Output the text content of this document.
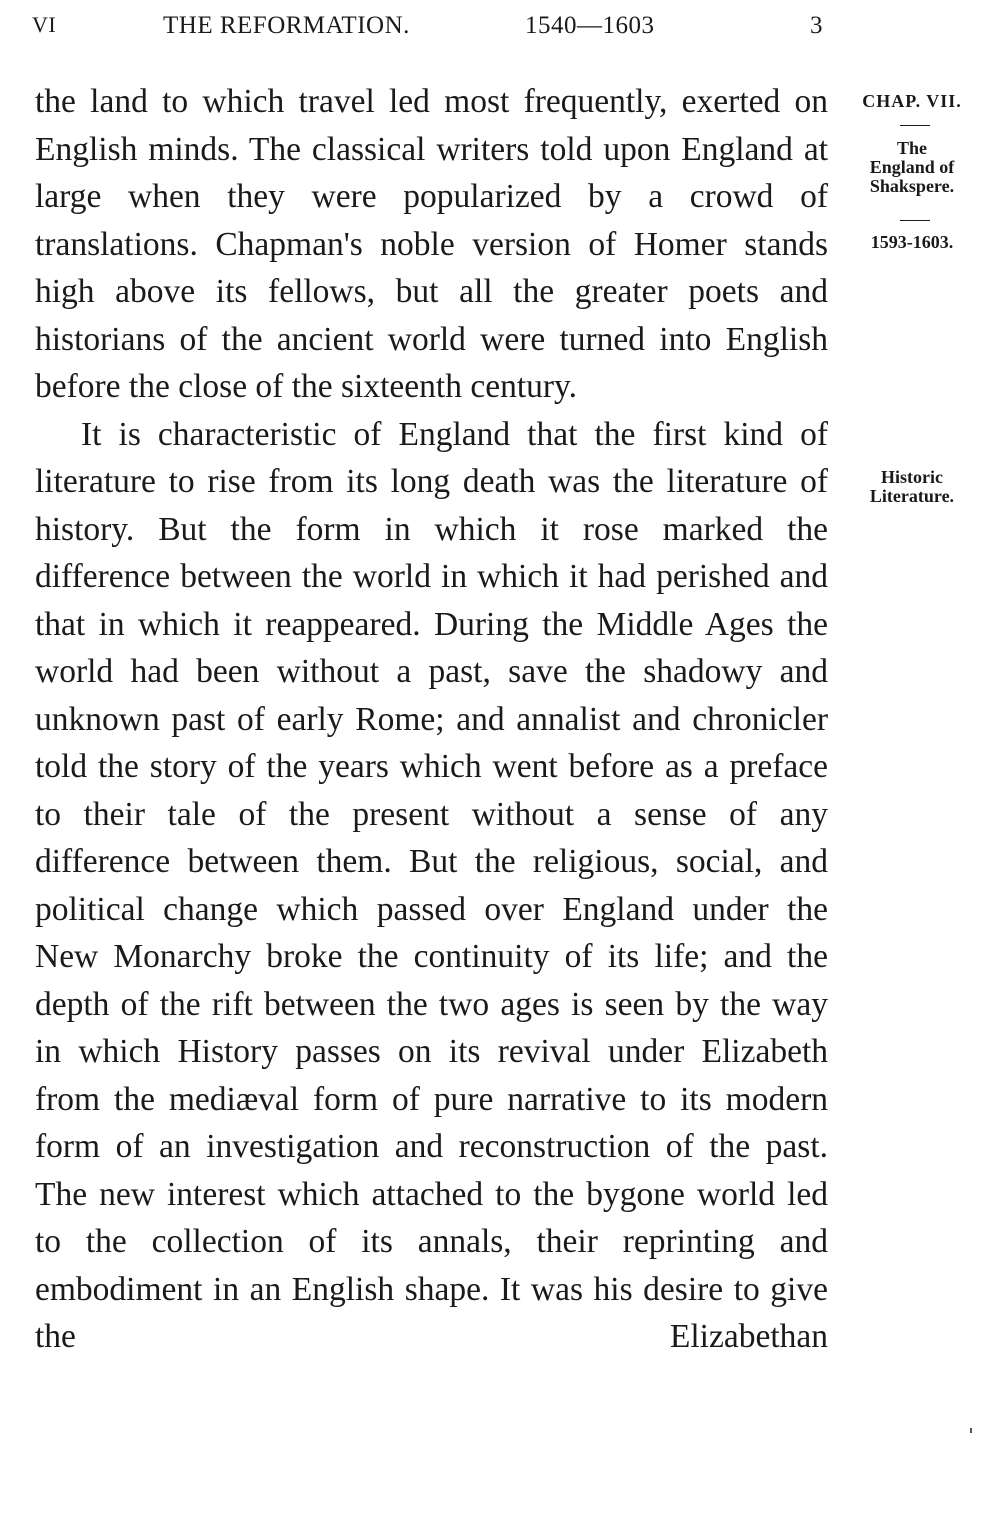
VI	THE REFORMATION.	1540—1603	3

the land to which travel led most frequently, exerted on English minds. The classical writers told upon England at large when they were popularized by a crowd of translations. Chapman's noble version of Homer stands high above its fellows, but all the greater poets and historians of the ancient world were turned into English before the close of the sixteenth century.

It is characteristic of England that the first kind of literature to rise from its long death was the literature of history. But the form in which it rose marked the difference between the world in which it had perished and that in which it reappeared. During the Middle Ages the world had been without a past, save the shadowy and unknown past of early Rome; and annalist and chronicler told the story of the years which went before as a preface to their tale of the present without a sense of any difference between them. But the religious, social, and political change which passed over England under the New Monarchy broke the continuity of its life; and the depth of the rift between the two ages is seen by the way in which History passes on its revival under Elizabeth from the mediæval form of pure narrative to its modern form of an investigation and reconstruction of the past. The new interest which attached to the bygone world led to the collection of its annals, their reprinting and embodiment in an English shape. It was his desire to give the Elizabethan

CHAP. VII.
The
England of
Shakspere.
1593-1603.
Historic
Literature.
